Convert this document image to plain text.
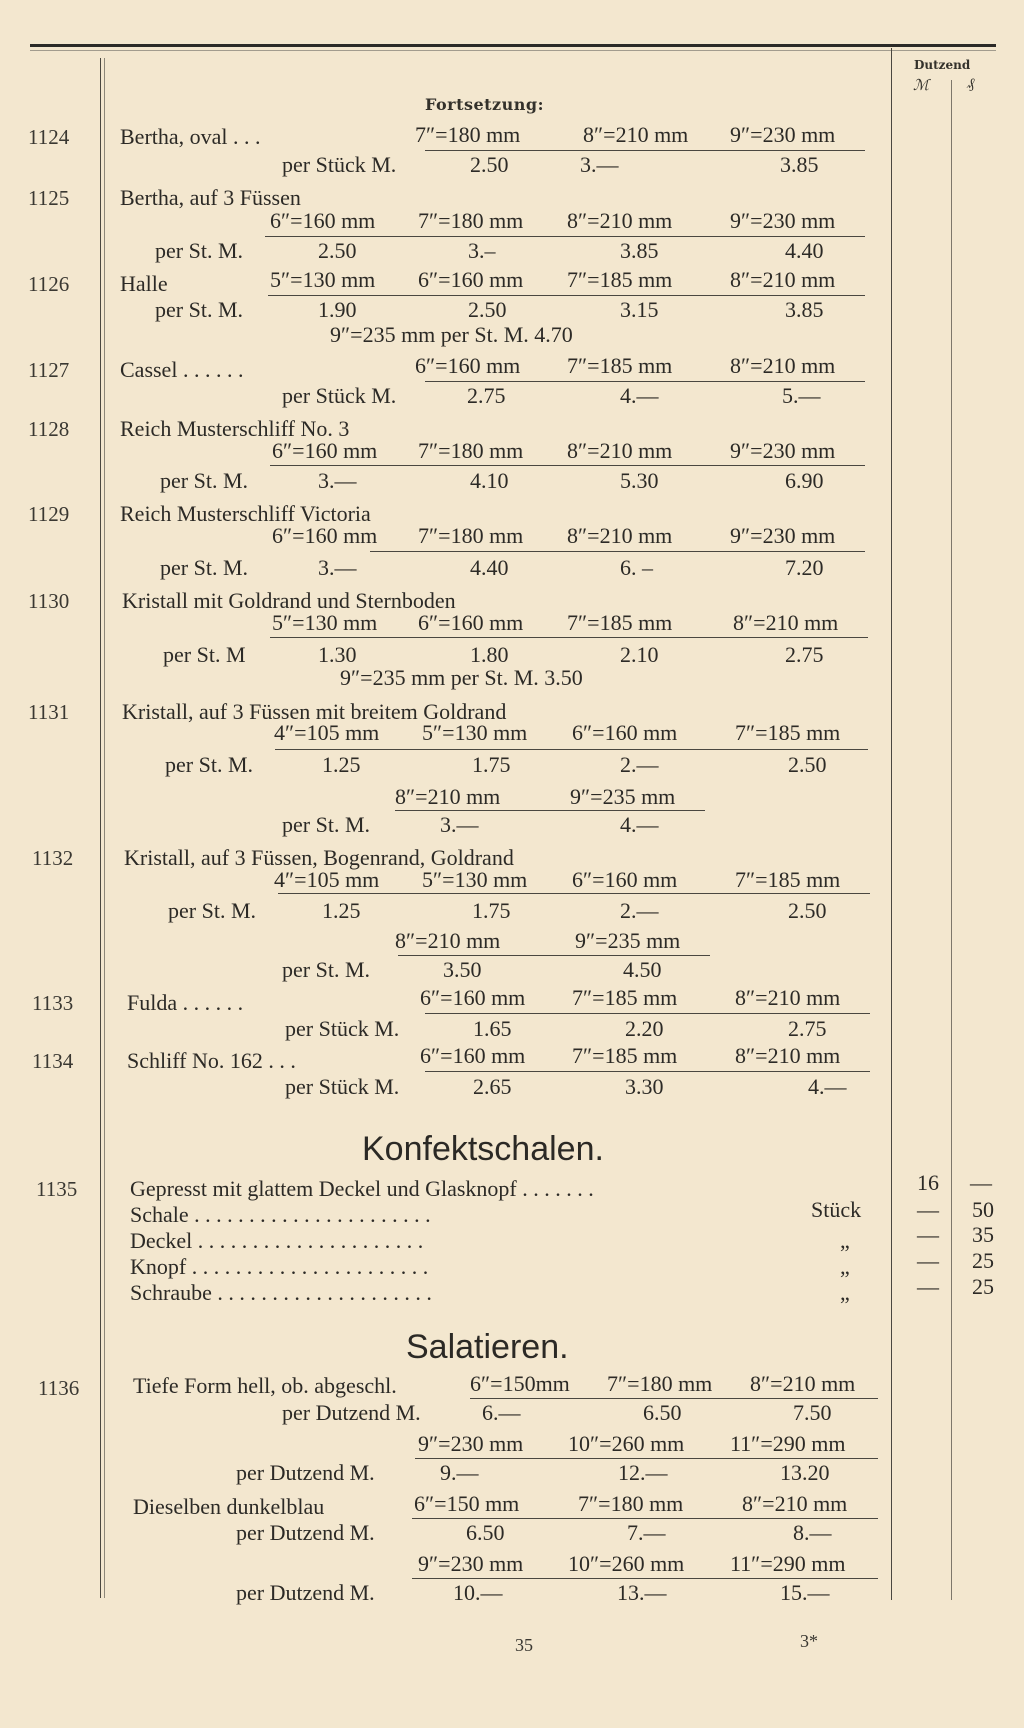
Dutzend
ℳ	₰
Fortsetzung:
1124 Bertha, oval . . .	7″=180 mm	8″=210 mm 9″=230 mm
per Stück M.	2.50	3.—	3.85
1125 Bertha, auf 3 Füssen
6″=160 mm 7″=180 mm 8″=210 mm	9″=230 mm
per St. M.	2.50	3.–	3.85	4.40
1126 Halle	5″=130 mm 6″=160 mm 7″=185 mm	8″=210 mm
per St. M.	1.90	2.50	3.15	3.85
9″=235 mm per St. M. 4.70
1127 Cassel . . . . . .	6″=160 mm 7″=185 mm	8″=210 mm
per Stück M.	2.75	4.—	5.—
1128 Reich Musterschliff No. 3
6″=160 mm 7″=180 mm 8″=210 mm	9″=230 mm
per St. M.	3.—	4.10	5.30	6.90
1129 Reich Musterschliff Victoria
6″=160 mm 7″=180 mm 8″=210 mm	9″=230 mm
per St. M.	3.—	4.40	6. –	7.20
1130 Kristall mit Goldrand und Sternboden
5″=130 mm 6″=160 mm 7″=185 mm	8″=210 mm
per St. M	1.30	1.80	2.10	2.75
9″=235 mm per St. M. 3.50
1131 Kristall, auf 3 Füssen mit breitem Goldrand
4″=105 mm 5″=130 mm 6″=160 mm	7″=185 mm
per St. M.	1.25	1.75	2.—	2.50
8″=210 mm	9″=235 mm
per St. M.	3.—	4.—
1132 Kristall, auf 3 Füssen, Bogenrand, Goldrand
4″=105 mm 5″=130 mm 6″=160 mm	7″=185 mm
per St. M.	1.25	1.75	2.—	2.50
8″=210 mm	9″=235 mm
per St. M.	3.50	4.50
1133 Fulda . . . . . .	6″=160 mm 7″=185 mm	8″=210 mm
per Stück M.	1.65	2.20	2.75
1134 Schliff No. 162 . . .	6″=160 mm 7″=185 mm	8″=210 mm
per Stück M.	2.65	3.30	4.—
Konfektschalen.
1135 Gepresst mit glattem Deckel und Glasknopf . . . . . . .	16 —
Schale . . . . . . . . . . . . . . . . . . . . . .	Stück	— 50
Deckel . . . . . . . . . . . . . . . . . . . . .	„	— 35
Knopf . . . . . . . . . . . . . . . . . . . . . .	„	— 25
Schraube . . . . . . . . . . . . . . . . . . . .	„	— 25
Salatieren.
1136 Tiefe Form hell, ob. abgeschl.	6″=150mm 7″=180 mm 8″=210 mm
per Dutzend M.	6.—	6.50	7.50
9″=230 mm 10″=260 mm 11″=290 mm
per Dutzend M.	9.—	12.—	13.20
Dieselben dunkelblau	6″=150 mm	7″=180 mm	8″=210 mm
per Dutzend M.	6.50	7.—	8.—
9″=230 mm 10″=260 mm 11″=290 mm
per Dutzend M.	10.—	13.—	15.—
35	3*
